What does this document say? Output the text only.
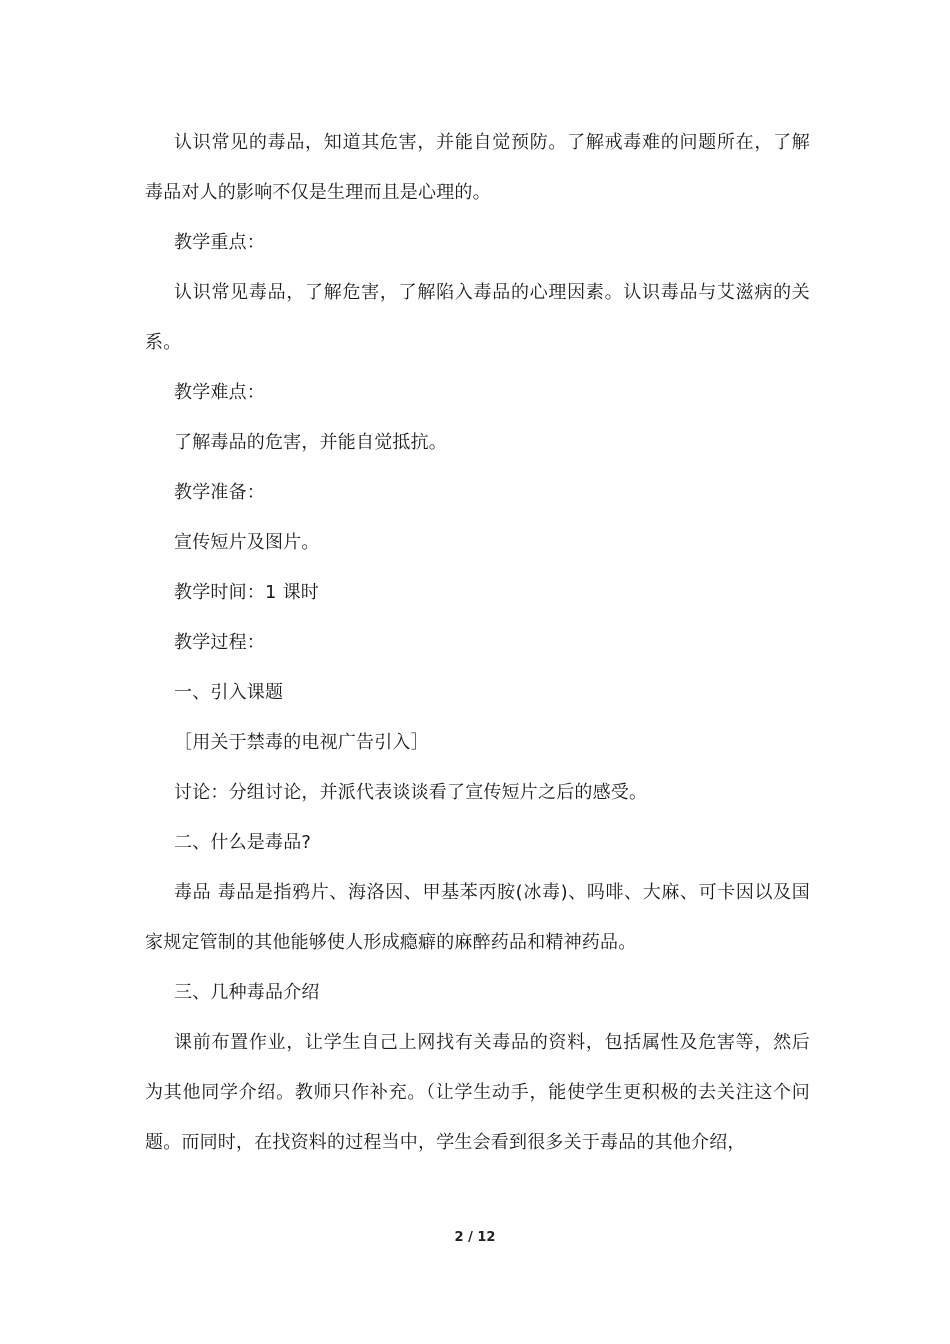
认识常见的毒品，知道其危害，并能自觉预防。了解戒毒难的问题所在，了解毒品对人的影响不仅是生理而且是心理的。

教学重点：

认识常见毒品，了解危害，了解陷入毒品的心理因素。认识毒品与艾滋病的关系。

教学难点：

了解毒品的危害，并能自觉抵抗。

教学准备：

宣传短片及图片。

教学时间：1 课时

教学过程：

一、引入课题

［用关于禁毒的电视广告引入］

讨论：分组讨论，并派代表谈谈看了宣传短片之后的感受。

二、什么是毒品?

毒品 毒品是指鸦片、海洛因、甲基苯丙胺(冰毒)、吗啡、大麻、可卡因以及国家规定管制的其他能够使人形成瘾癖的麻醉药品和精神药品。

三、几种毒品介绍

课前布置作业，让学生自己上网找有关毒品的资料，包括属性及危害等，然后为其他同学介绍。教师只作补充。（让学生动手，能使学生更积极的去关注这个问题。而同时，在找资料的过程当中，学生会看到很多关于毒品的其他介绍，

2 / 12
